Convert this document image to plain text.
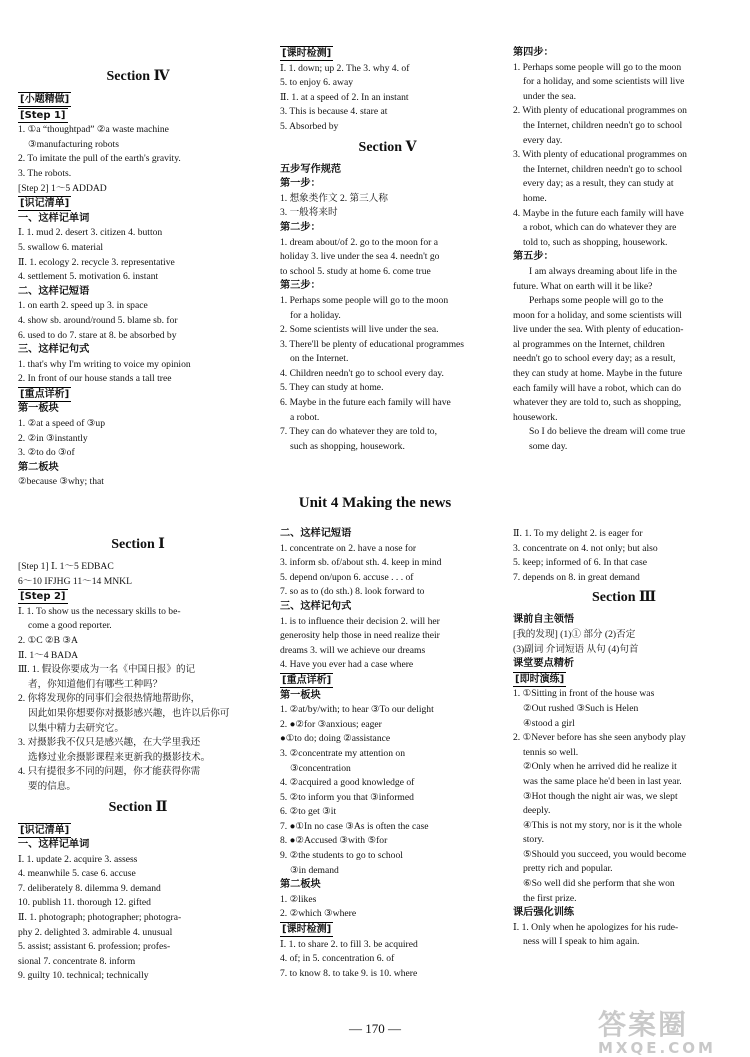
Section Ⅳ

[小题精做]

[Step 1]

1. ①a “thoughtpad” ②a waste machine

③manufacturing robots

2. To imitate the pull of the earth's gravity.

3. The robots.

[Step 2] 1～5 ADDAD

[识记清单]

一、这样记单词

Ⅰ. 1. mud 2. desert 3. citizen 4. button

5. swallow 6. material

Ⅱ. 1. ecology 2. recycle 3. representative

4. settlement 5. motivation 6. instant

二、这样记短语

1. on earth 2. speed up 3. in space

4. show sb. around/round 5. blame sb. for

6. used to do 7. stare at 8. be absorbed by

三、这样记句式

1. that's why I'm writing to voice my opinion

2. In front of our house stands a tall tree

[重点详析]

第一板块

1. ②at a speed of ③up

2. ②in ③instantly

3. ②to do ③of

第二板块

②because ③why; that

[课时检测]

Ⅰ. 1. down; up 2. The 3. why 4. of

5. to enjoy 6. away

Ⅱ. 1. at a speed of 2. In an instant

3. This is because 4. stare at

5. Absorbed by

Section Ⅴ

五步写作规范

第一步：

1. 想象类作文 2. 第三人称

3. 一般将来时

第二步：

1. dream about/of 2. go to the moon for a

holiday 3. live under the sea 4. needn't go

to school 5. study at home 6. come true

第三步：

1. Perhaps some people will go to the moon

for a holiday.

2. Some scientists will live under the sea.

3. There'll be plenty of educational programmes

on the Internet.

4. Children needn't go to school every day.

5. They can study at home.

6. Maybe in the future each family will have

a robot.

7. They can do whatever they are told to,

such as shopping, housework.

第四步：

1. Perhaps some people will go to the moon

for a holiday, and some scientists will live

under the sea.

2. With plenty of educational programmes on

the Internet, children needn't go to school

every day.

3. With plenty of educational programmes on

the Internet, children needn't go to school

every day; as a result, they can study at

home.

4. Maybe in the future each family will have

a robot, which can do whatever they are

told to, such as shopping, housework.

第五步：

I am always dreaming about life in the

future. What on earth will it be like?

Perhaps some people will go to the

moon for a holiday, and some scientists will

live under the sea. With plenty of education-

al programmes on the Internet, children

needn't go to school every day; as a result,

they can study at home. Maybe in the future

each family will have a robot, which can do

whatever they are told to, such as shopping,

housework.

So I do believe the dream will come true

some day.

Unit 4 Making the news

Section Ⅰ

[Step 1] Ⅰ. 1～5 EDBAC

6～10 IFJHG 11～14 MNKL

[Step 2]

Ⅰ. 1. To show us the necessary skills to be-

come a good reporter.

2. ①C ②B ③A

Ⅱ. 1～4 BADA

Ⅲ. 1. 假设你要成为一名《中国日报》的记

者，你知道他们有哪些工种吗？

2. 你将发现你的同事们会很热情地帮助你，

因此如果你想要你对摄影感兴趣，也许以后你可

以集中精力去研究它。

3. 对摄影我不仅只是感兴趣，在大学里我还

选修过业余摄影课程来更新我的摄影技术。

4. 只有提很多不同的问题，你才能获得你需

要的信息。

Section Ⅱ

[识记清单]

一、这样记单词

Ⅰ. 1. update 2. acquire 3. assess

4. meanwhile 5. case 6. accuse

7. deliberately 8. dilemma 9. demand

10. publish 11. thorough 12. gifted

Ⅱ. 1. photograph; photographer; photogra-

phy 2. delighted 3. admirable 4. unusual

5. assist; assistant 6. profession; profes-

sional 7. concentrate 8. inform

9. guilty 10. technical; technically

二、这样记短语

1. concentrate on 2. have a nose for

3. inform sb. of/about sth. 4. keep in mind

5. depend on/upon 6. accuse . . . of

7. so as to (do sth.) 8. look forward to

三、这样记句式

1. is to influence their decision 2. will her

generosity help those in need realize their

dreams 3. will we achieve our dreams

4. Have you ever had a case where

[重点详析]

第一板块

1. ②at/by/with; to hear ③To our delight

2. ●②for ③anxious; eager

●①to do; doing ②assistance

3. ②concentrate my attention on

③concentration

4. ②acquired a good knowledge of

5. ②to inform you that ③informed

6. ②to get ③it

7. ●①In no case ③As is often the case

8. ●②Accused ③with ⑤for

9. ②the students to go to school

③in demand

第二板块

1. ②likes

2. ②which ③where

[课时检测]

Ⅰ. 1. to share 2. to fill 3. be acquired

4. of; in 5. concentration 6. of

7. to know 8. to take 9. is 10. where

Ⅱ. 1. To my delight 2. is eager for

3. concentrate on 4. not only; but also

5. keep; informed of 6. In that case

7. depends on 8. in great demand

Section Ⅲ

课前自主领悟

[我的发现] (1)① 部分 (2)否定

(3)副词 介词短语 从句 (4)句首

课堂要点精析

[即时演练]

1. ①Sitting in front of the house was

②Out rushed ③Such is Helen

④stood a girl

2. ①Never before has she seen anybody play

tennis so well.

②Only when he arrived did he realize it

was the same place he'd been in last year.

③Hot though the night air was, we slept

deeply.

④This is not my story, nor is it the whole

story.

⑤Should you succeed, you would become

pretty rich and popular.

⑥So well did she perform that she won

the first prize.

课后强化训练

Ⅰ. 1. Only when he apologizes for his rude-

ness will I speak to him again.

— 170 —	答案圈
MXQE.COM
